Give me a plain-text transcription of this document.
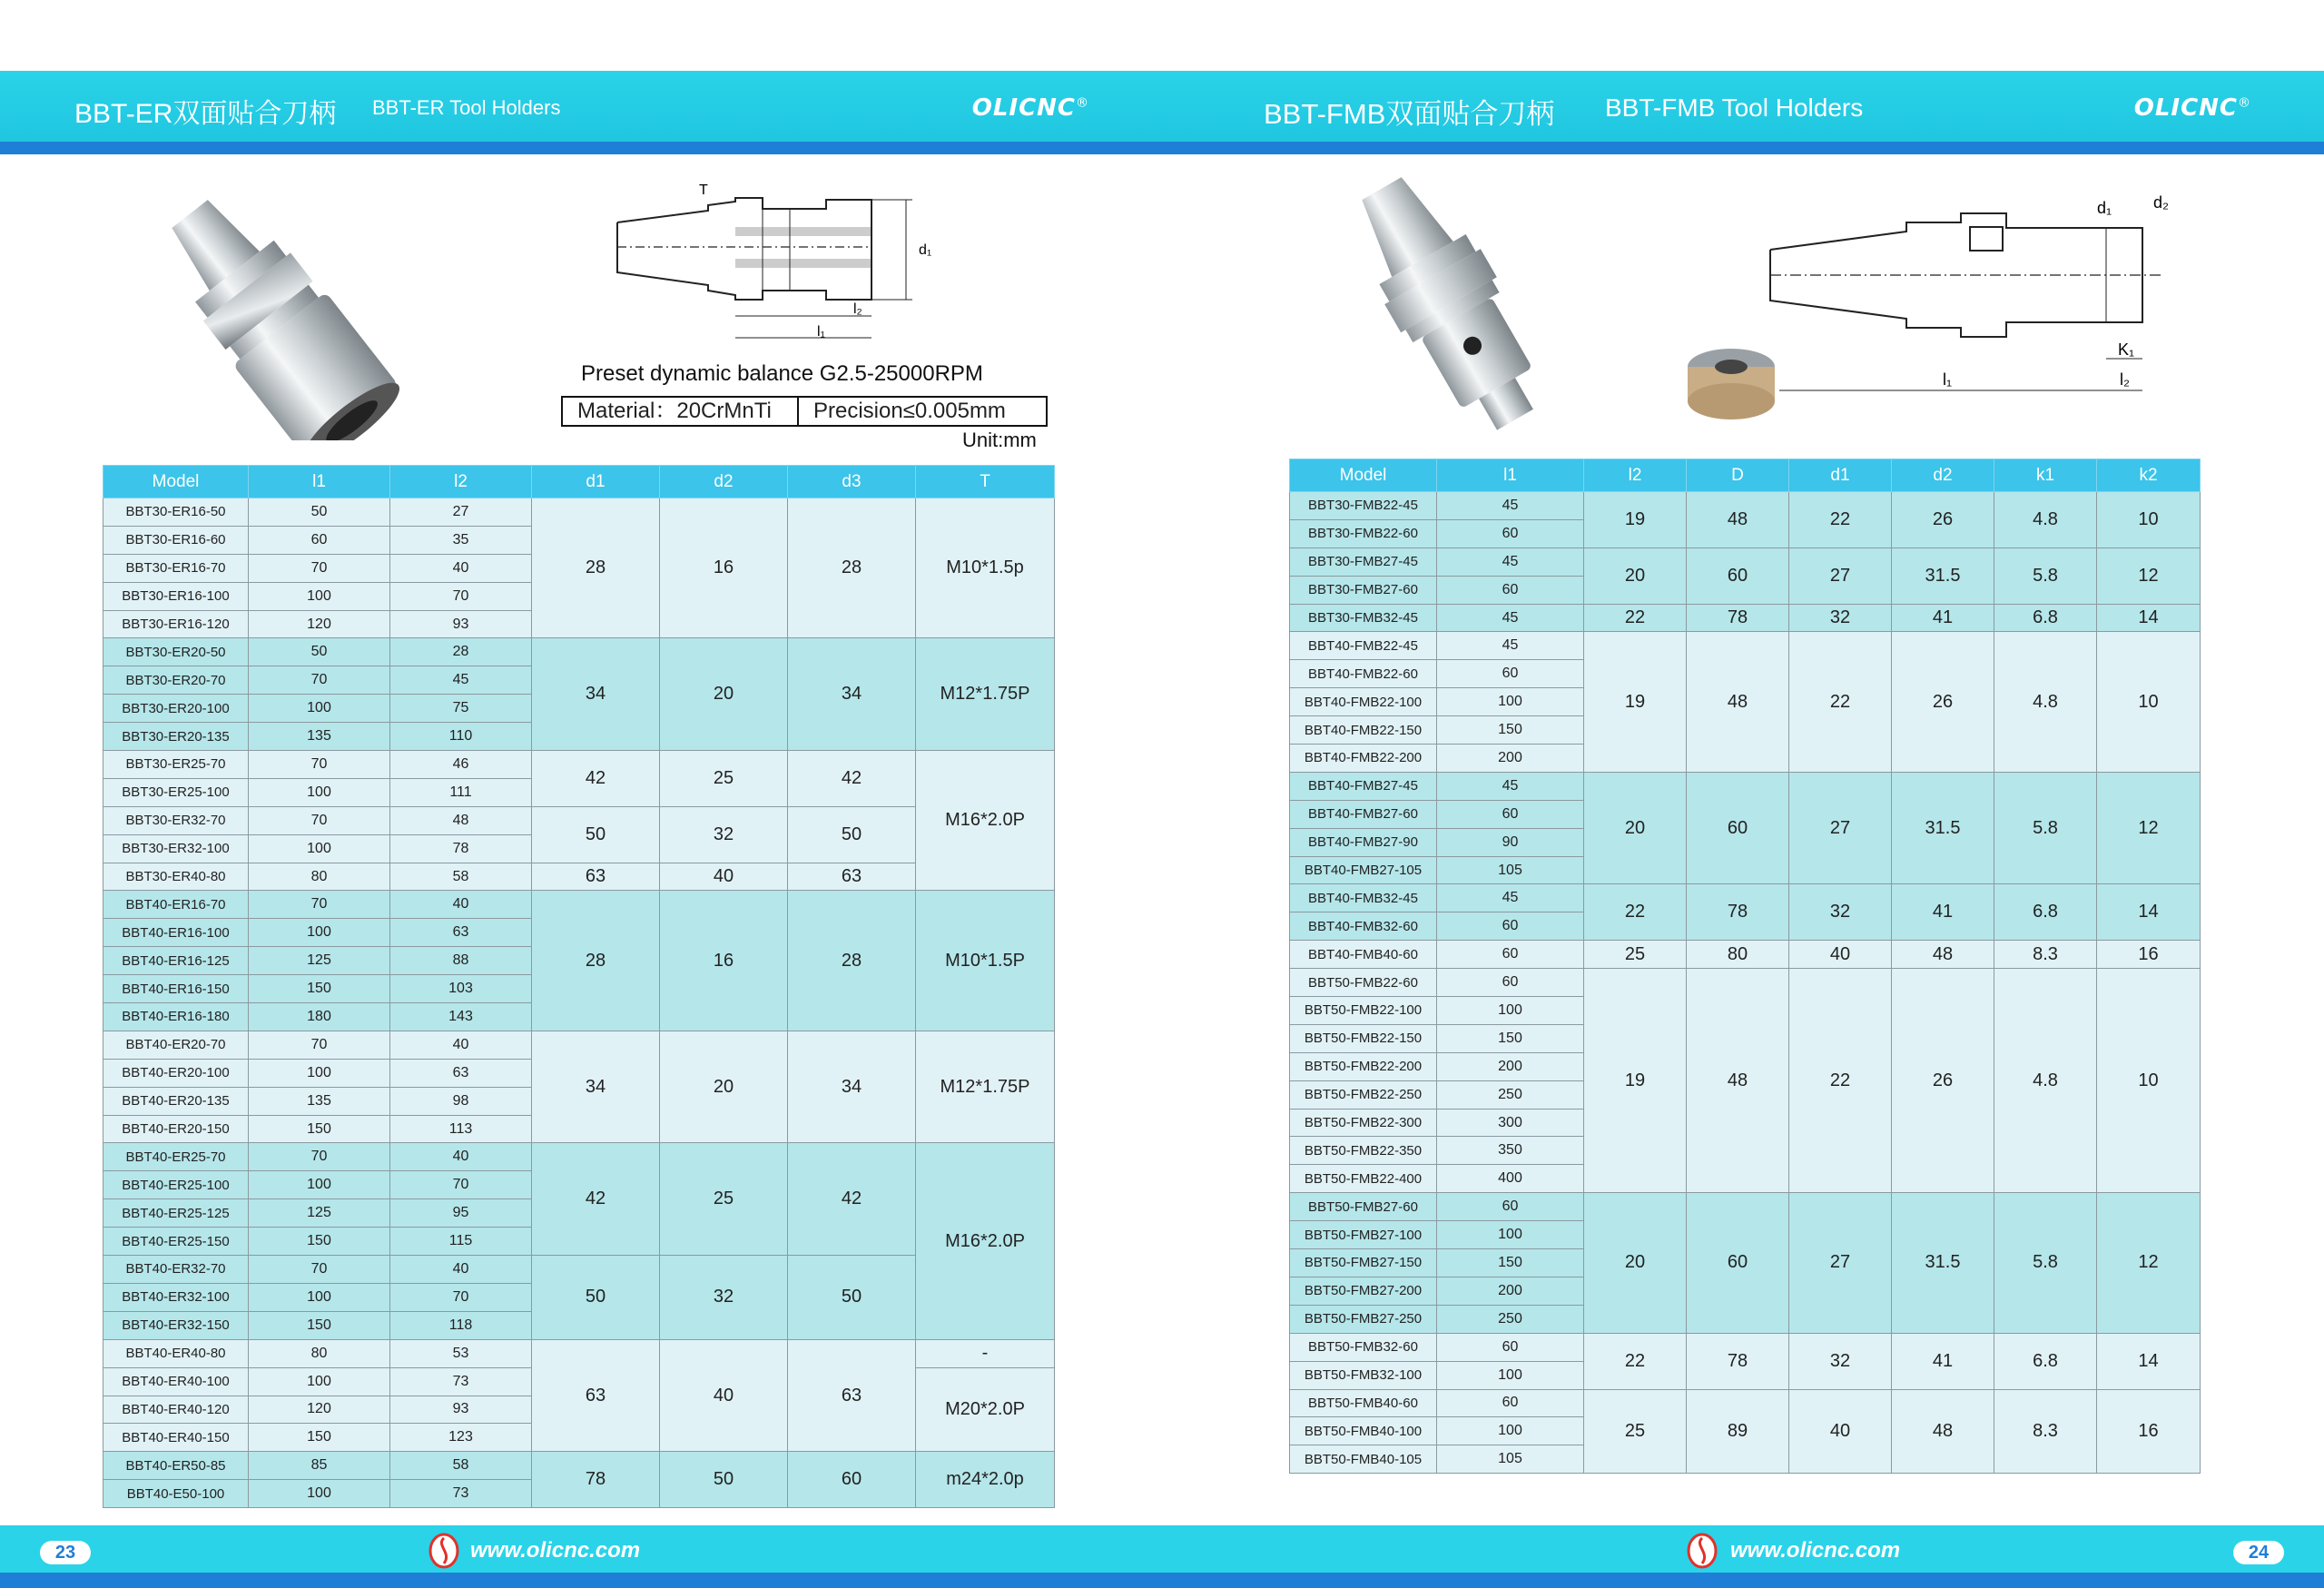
BBT-ER双面贴合刀柄 BBT-ER Tool Holders	OLICNC®
T
d₁
l₂
l₁
Preset dynamic balance G2.5-25000RPM
Material：20CrMnTi	Precision≤0.005mm
Unit:mm
Model	l1	l2	d1	d2	d3	T
BBT30-ER16-50	50	27	28	16	28	M10*1.5p
BBT30-ER16-60	60	35				
BBT30-ER16-70	70	40				
BBT30-ER16-100	100	70				
BBT30-ER16-120	120	93				
BBT30-ER20-50	50	28	34	20	34	M12*1.75P
BBT30-ER20-70	70	45				
BBT30-ER20-100	100	75				
BBT30-ER20-135	135	110				
BBT30-ER25-70	70	46	42	25	42	M16*2.0P
BBT30-ER25-100	100	111				
BBT30-ER32-70	70	48	50	32	50	
BBT30-ER32-100	100	78				
BBT30-ER40-80	80	58	63	40	63	
BBT40-ER16-70	70	40	28	16	28	M10*1.5P
BBT40-ER16-100	100	63				
BBT40-ER16-125	125	88				
BBT40-ER16-150	150	103				
BBT40-ER16-180	180	143				
BBT40-ER20-70	70	40	34	20	34	M12*1.75P
BBT40-ER20-100	100	63				
BBT40-ER20-135	135	98				
BBT40-ER20-150	150	113				
BBT40-ER25-70	70	40	42	25	42	M16*2.0P
BBT40-ER25-100	100	70				
BBT40-ER25-125	125	95				
BBT40-ER25-150	150	115				
BBT40-ER32-70	70	40	50	32	50	
BBT40-ER32-100	100	70				
BBT40-ER32-150	150	118				
BBT40-ER40-80	80	53	63	40	63	-
BBT40-ER40-100	100	73				M20*2.0P
BBT40-ER40-120	120	93				
BBT40-ER40-150	150	123				
BBT40-ER50-85	85	58	78	50	60	m24*2.0p
BBT40-E50-100	100	73				
23	www.olicnc.com
BBT-FMB双面贴合刀柄 BBT-FMB Tool Holders	OLICNC®
d₁	d₂
K₁
l₁	l₂
Model	l1	l2	D	d1	d2	k1	k2
BBT30-FMB22-45	45	19	48	22	26	4.8	10
BBT30-FMB22-60	60						
BBT30-FMB27-45	45	20	60	27	31.5	5.8	12
BBT30-FMB27-60	60						
BBT30-FMB32-45	45	22	78	32	41	6.8	14
BBT40-FMB22-45	45	19	48	22	26	4.8	10
BBT40-FMB22-60	60						
BBT40-FMB22-100	100						
BBT40-FMB22-150	150						
BBT40-FMB22-200	200						
BBT40-FMB27-45	45	20	60	27	31.5	5.8	12
BBT40-FMB27-60	60						
BBT40-FMB27-90	90						
BBT40-FMB27-105	105						
BBT40-FMB32-45	45	22	78	32	41	6.8	14
BBT40-FMB32-60	60						
BBT40-FMB40-60	60	25	80	40	48	8.3	16
BBT50-FMB22-60	60	19	48	22	26	4.8	10
BBT50-FMB22-100	100						
BBT50-FMB22-150	150						
BBT50-FMB22-200	200						
BBT50-FMB22-250	250						
BBT50-FMB22-300	300						
BBT50-FMB22-350	350						
BBT50-FMB22-400	400						
BBT50-FMB27-60	60	20	60	27	31.5	5.8	12
BBT50-FMB27-100	100						
BBT50-FMB27-150	150						
BBT50-FMB27-200	200						
BBT50-FMB27-250	250						
BBT50-FMB32-60	60	22	78	32	41	6.8	14
BBT50-FMB32-100	100						
BBT50-FMB40-60	60	25	89	40	48	8.3	16
BBT50-FMB40-100	100						
BBT50-FMB40-105	105						
www.olicnc.com	24
